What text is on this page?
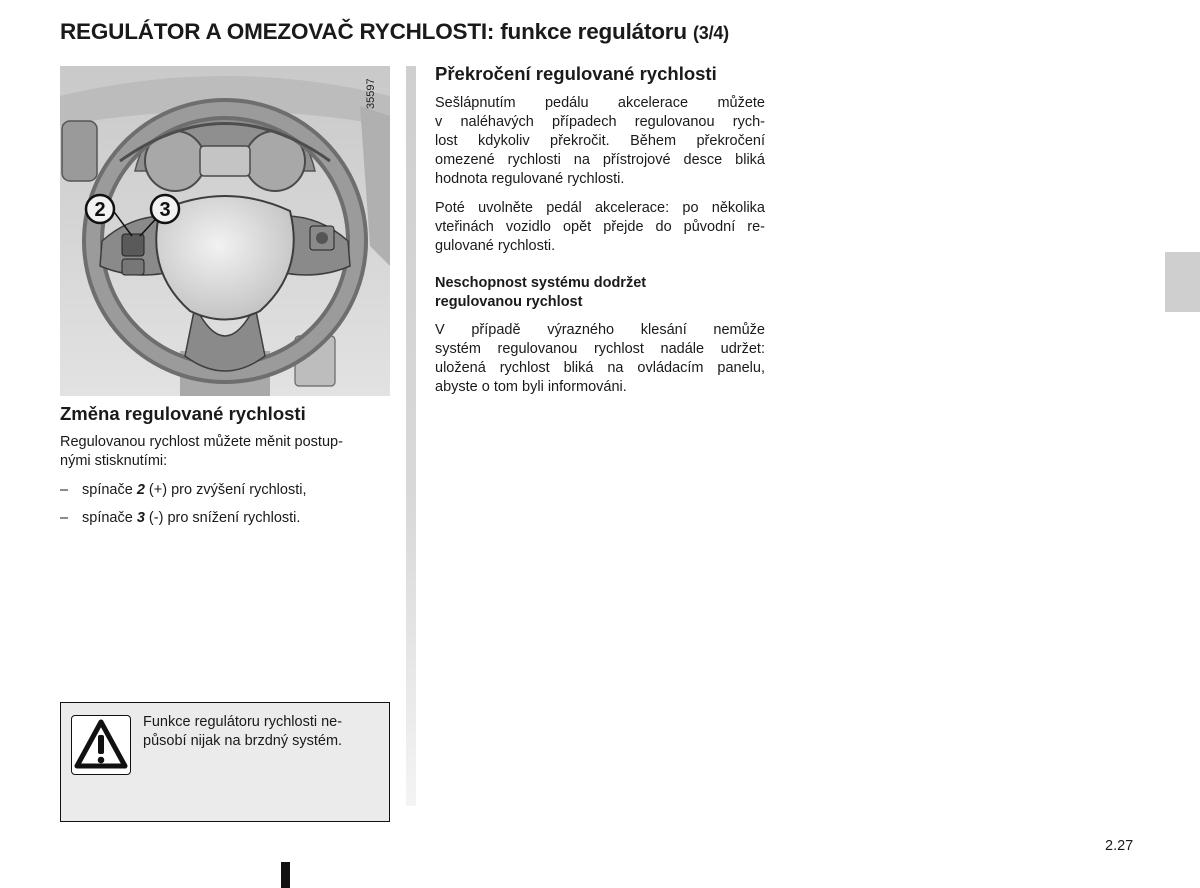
REGULÁTOR A OMEZOVAČ RYCHLOSTI: funkce regulátoru (3/4)
2	3
35597
Změna regulované rychlosti
Regulovanou rychlost můžete měnit postup-
nými stisknutími:
– spínače 2 (+) pro zvýšení rychlosti,
– spínače 3 (-) pro snížení rychlosti.
Funkce regulátoru rychlosti ne-
působí nijak na brzdný systém.
Překročení regulované rychlosti
Sešlápnutím pedálu akcelerace můžete
v naléhavých případech regulovanou rych-
lost kdykoliv překročit. Během překročení
omezené rychlosti na přístrojové desce bliká
hodnota regulované rychlosti.
Poté uvolněte pedál akcelerace: po několika
vteřinách vozidlo opět přejde do původní re-
gulované rychlosti.
Neschopnost systému dodržet
regulovanou rychlost
V případě výrazného klesání nemůže
systém regulovanou rychlost nadále udržet:
uložená rychlost bliká na ovládacím panelu,
abyste o tom byli informováni.
2.27
